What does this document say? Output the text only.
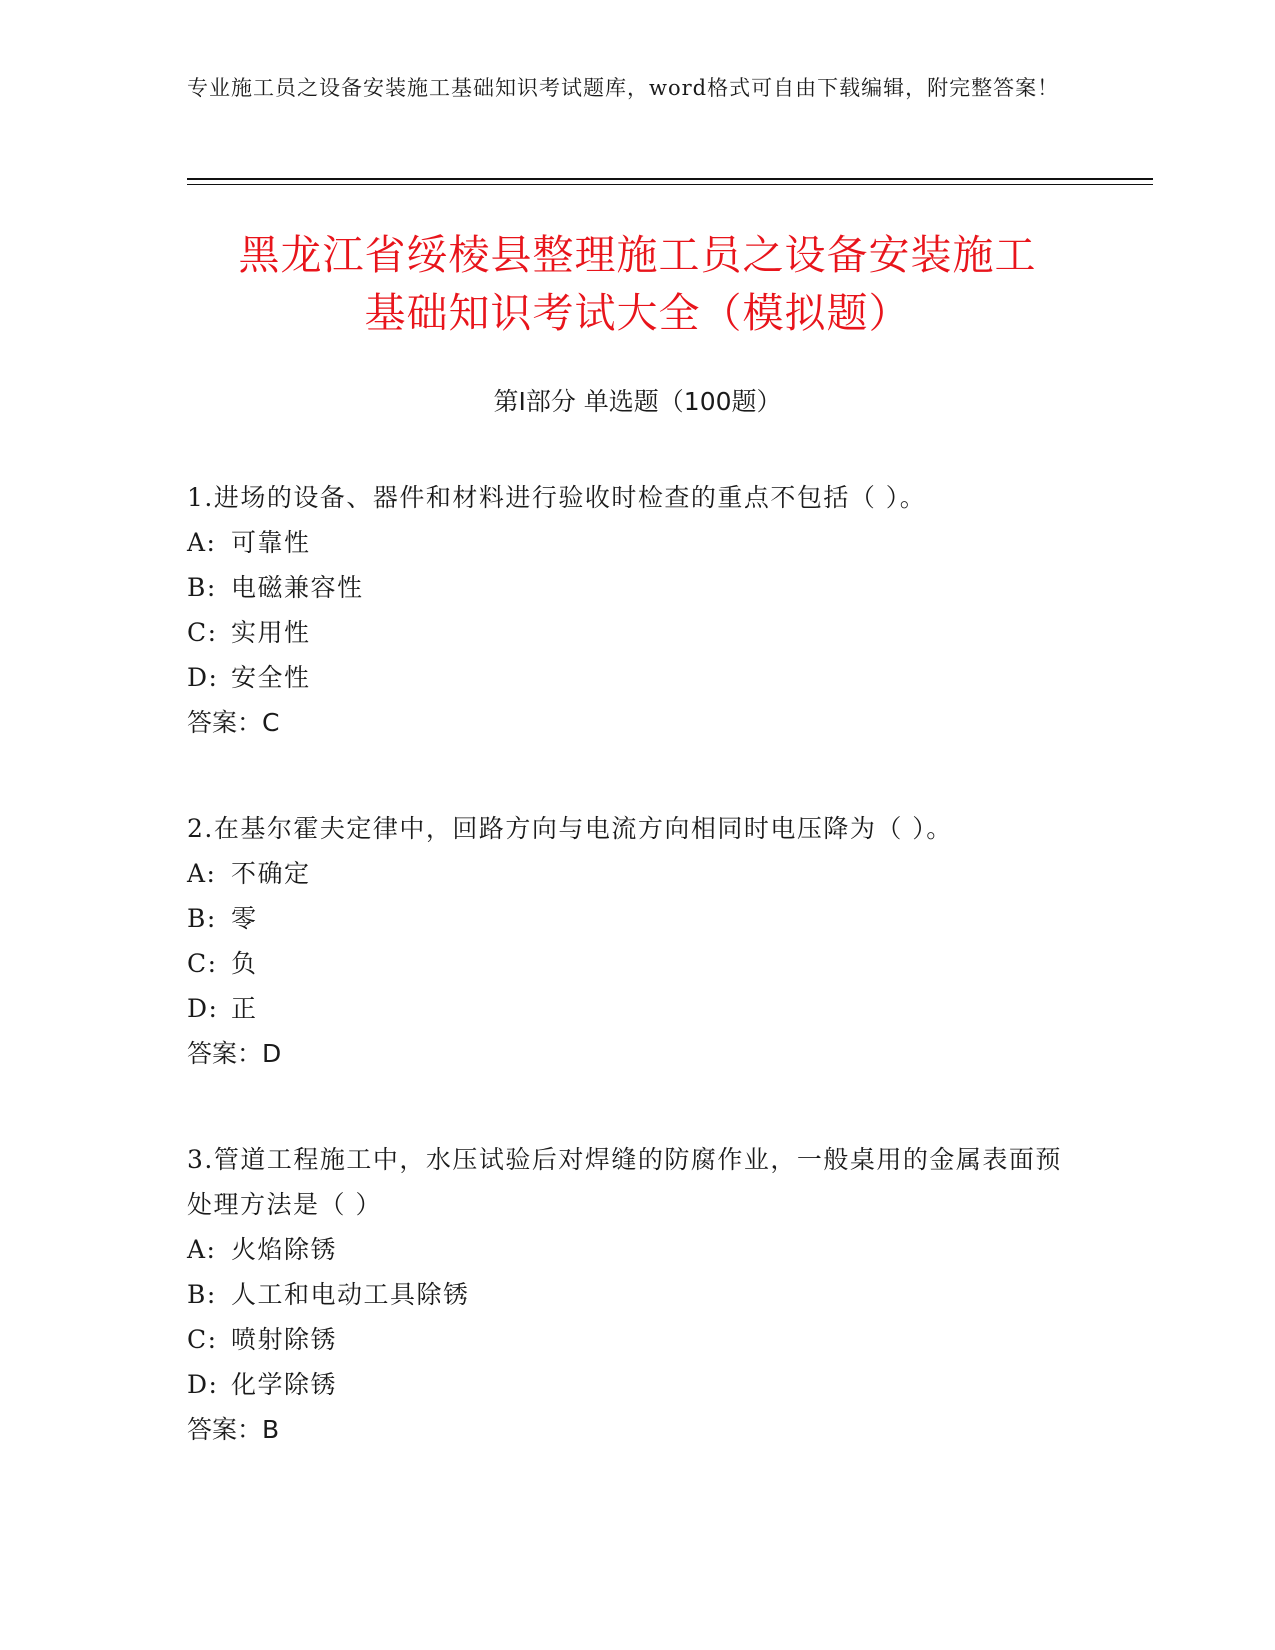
专业施工员之设备安装施工基础知识考试题库，word格式可自由下载编辑，附完整答案！
黑龙江省绥棱县整理施工员之设备安装施工
基础知识考试大全（模拟题）
第Ⅰ部分 单选题（100题）
1.进场的设备、器件和材料进行验收时检查的重点不包括（ ）。
A: 可靠性
B: 电磁兼容性
C: 实用性
D: 安全性
答案：C
2.在基尔霍夫定律中，回路方向与电流方向相同时电压降为（ ）。
A: 不确定
B: 零
C: 负
D: 正
答案：D
3.管道工程施工中，水压试验后对焊缝的防腐作业，一般桌用的金属表面预处理方法是（ ）
A: 火焰除锈
B: 人工和电动工具除锈
C: 喷射除锈
D: 化学除锈
答案：B
